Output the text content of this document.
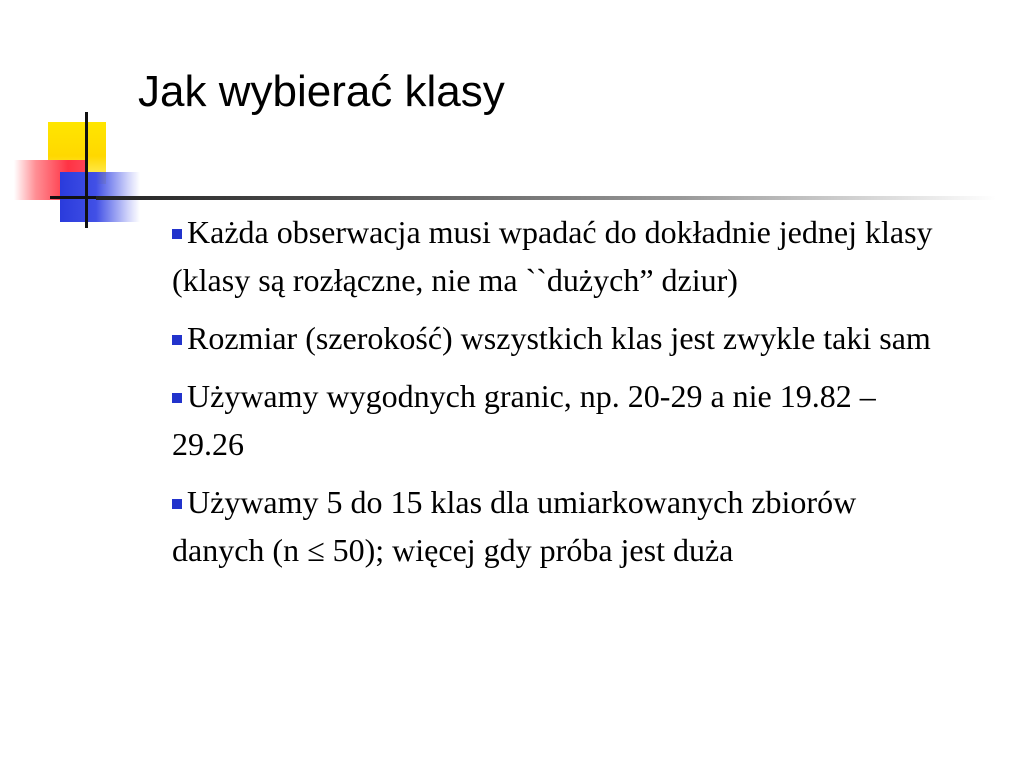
Jak wybierać klasy
Każda obserwacja musi wpadać do dokładnie jednej klasy (klasy są rozłączne, nie ma ``dużych” dziur)
Rozmiar (szerokość) wszystkich klas jest zwykle taki sam
Używamy wygodnych granic, np. 20-29 a nie 19.82 – 29.26
Używamy 5 do 15 klas dla umiarkowanych zbiorów danych (n ≤ 50); więcej gdy próba jest duża
